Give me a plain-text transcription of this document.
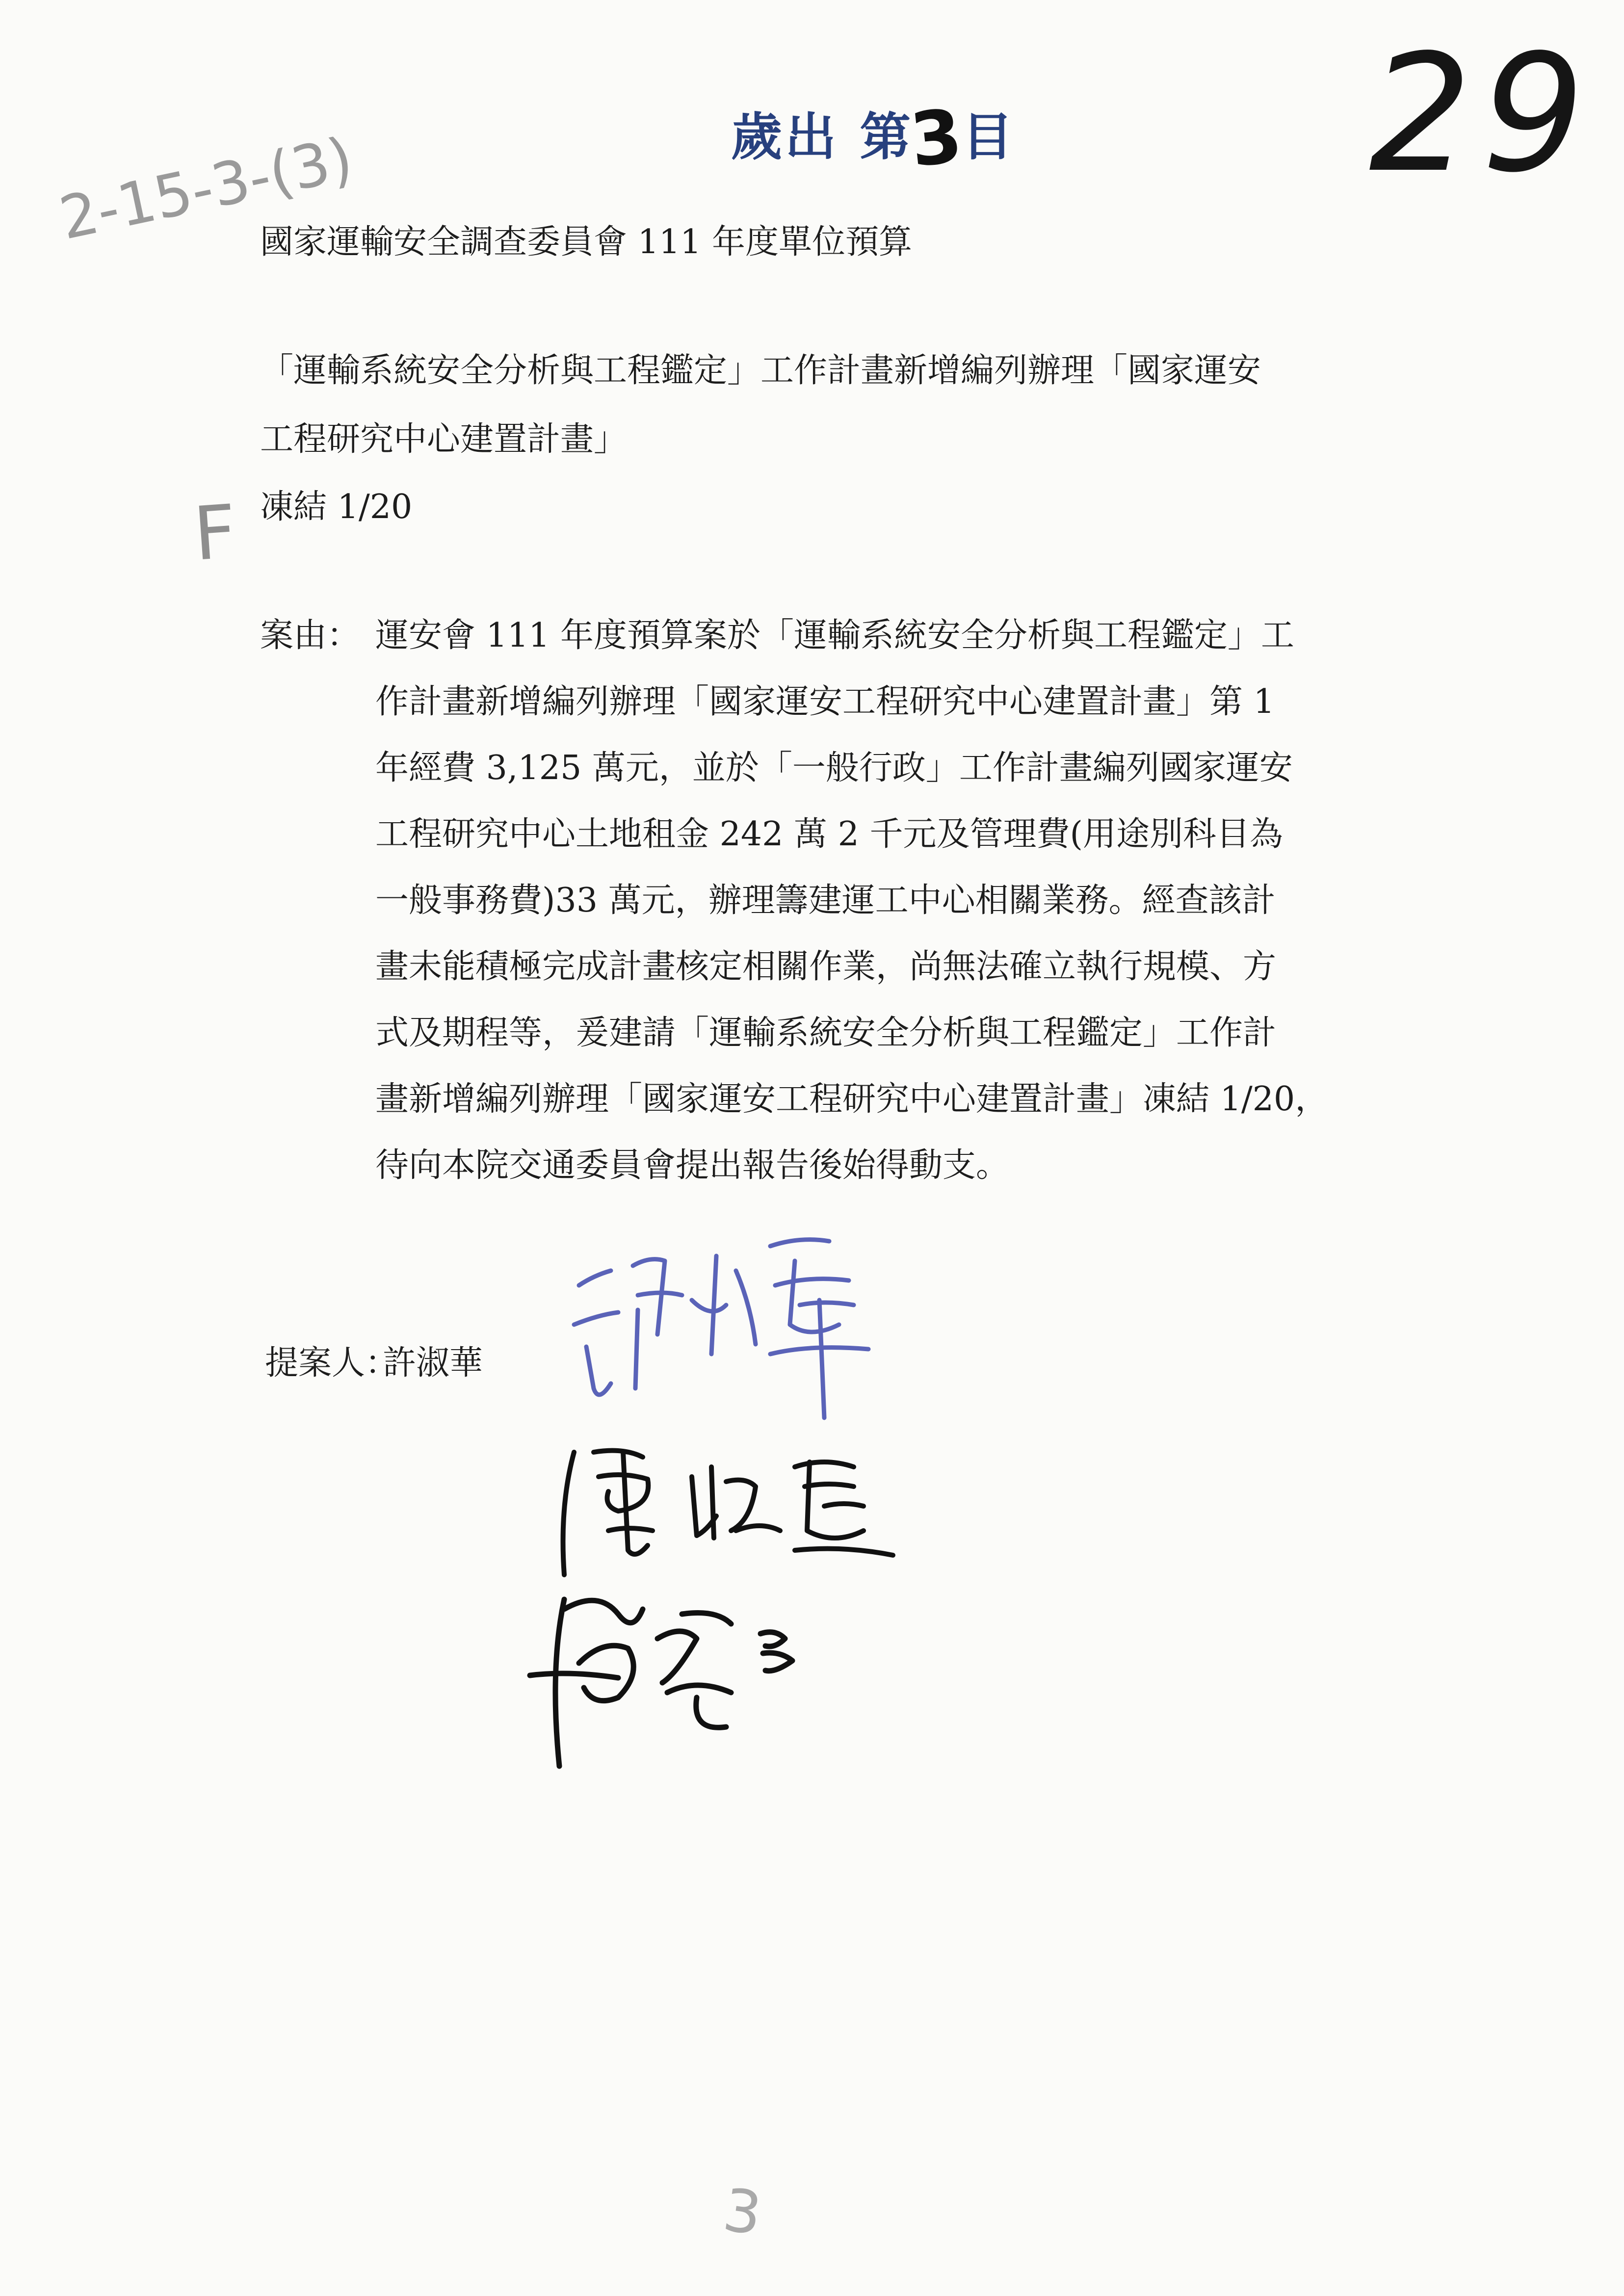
歲出 第3目 29
2-15-3-(3)
F
國家運輸安全調查委員會 111 年度單位預算
「運輸系統安全分析與工程鑑定」工作計畫新增編列辦理「國家運安
工程研究中心建置計畫」
凍結 1/20
案由： 運安會 111 年度預算案於「運輸系統安全分析與工程鑑定」工
作計畫新增編列辦理「國家運安工程研究中心建置計畫」第 1
年經費 3,125 萬元，並於「一般行政」工作計畫編列國家運安
工程研究中心土地租金 242 萬 2 千元及管理費(用途別科目為
一般事務費)33 萬元，辦理籌建運工中心相關業務。經查該計
畫未能積極完成計畫核定相關作業，尚無法確立執行規模、方
式及期程等，爰建請「運輸系統安全分析與工程鑑定」工作計
畫新增編列辦理「國家運安工程研究中心建置計畫」凍結 1/20，
待向本院交通委員會提出報告後始得動支。
提案人：
許淑華
3
